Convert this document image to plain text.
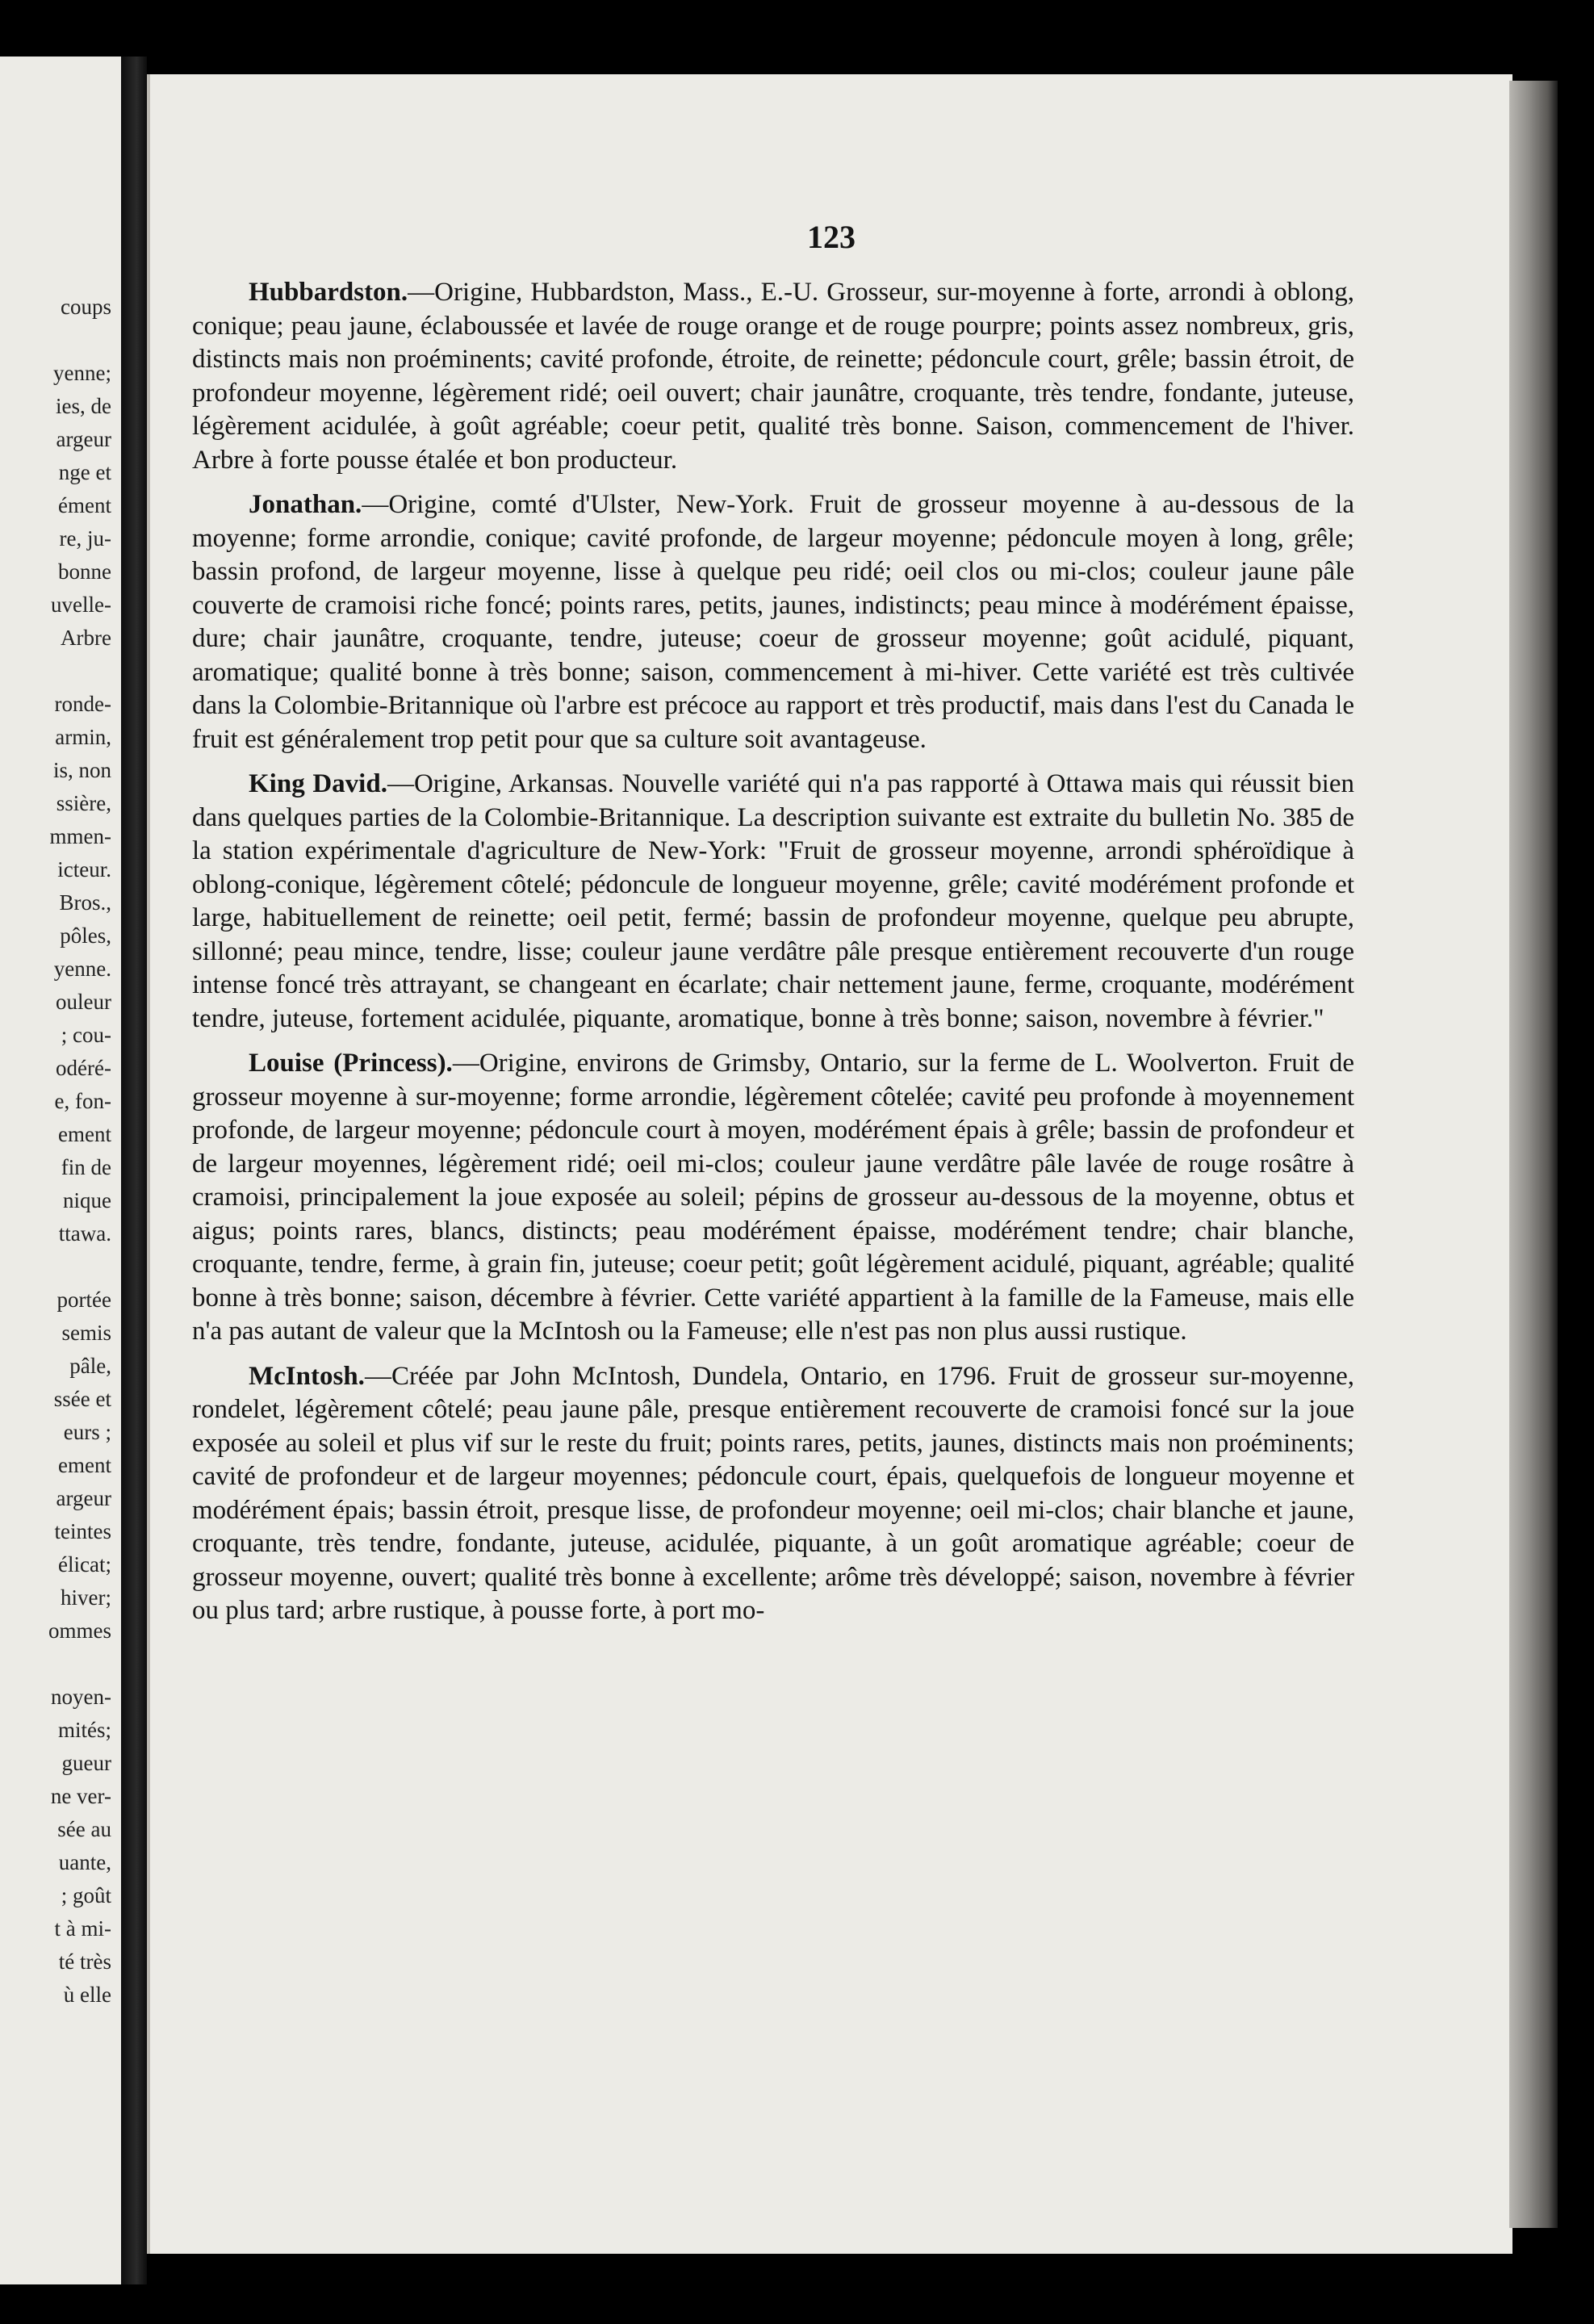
coups

yenne;
ies, de
argeur
nge et
ément
re, ju-
bonne
uvelle-
Arbre

ronde-
armin,
is, non
ssière,
mmen-
icteur.
Bros.,
pôles,
yenne.
ouleur
; cou-
odéré-
e, fon-
ement
fin de
nique
ttawa.

portée
semis
pâle,
ssée et
eurs ;
ement
argeur
teintes
élicat;
hiver;
ommes

noyen-
mités;
gueur
ne ver-
sée au
uante,
; goût
t à mi-
té très
ù elle
123

Hubbardston.—Origine, Hubbardston, Mass., E.-U. Grosseur, sur-moyenne à forte, arrondi à oblong, conique; peau jaune, éclaboussée et lavée de rouge orange et de rouge pourpre; points assez nombreux, gris, distincts mais non proéminents; cavité profonde, étroite, de reinette; pédoncule court, grêle; bassin étroit, de profondeur moyenne, légèrement ridé; oeil ouvert; chair jaunâtre, croquante, très tendre, fondante, juteuse, légèrement acidulée, à goût agréable; coeur petit, qualité très bonne. Saison, commencement de l'hiver. Arbre à forte pousse étalée et bon producteur.

Jonathan.—Origine, comté d'Ulster, New-York. Fruit de grosseur moyenne à au-dessous de la moyenne; forme arrondie, conique; cavité profonde, de largeur moyenne; pédoncule moyen à long, grêle; bassin profond, de largeur moyenne, lisse à quelque peu ridé; oeil clos ou mi-clos; couleur jaune pâle couverte de cramoisi riche foncé; points rares, petits, jaunes, indistincts; peau mince à modérément épaisse, dure; chair jaunâtre, croquante, tendre, juteuse; coeur de grosseur moyenne; goût acidulé, piquant, aromatique; qualité bonne à très bonne; saison, commencement à mi-hiver. Cette variété est très cultivée dans la Colombie-Britannique où l'arbre est précoce au rapport et très productif, mais dans l'est du Canada le fruit est généralement trop petit pour que sa culture soit avantageuse.

King David.—Origine, Arkansas. Nouvelle variété qui n'a pas rapporté à Ottawa mais qui réussit bien dans quelques parties de la Colombie-Britannique. La description suivante est extraite du bulletin No. 385 de la station expérimentale d'agriculture de New-York: "Fruit de grosseur moyenne, arrondi sphéroïdique à oblong-conique, légèrement côtelé; pédoncule de longueur moyenne, grêle; cavité modérément profonde et large, habituellement de reinette; oeil petit, fermé; bassin de profondeur moyenne, quelque peu abrupte, sillonné; peau mince, tendre, lisse; couleur jaune verdâtre pâle presque entièrement recouverte d'un rouge intense foncé très attrayant, se changeant en écarlate; chair nettement jaune, ferme, croquante, modérément tendre, juteuse, fortement acidulée, piquante, aromatique, bonne à très bonne; saison, novembre à février."

Louise (Princess).—Origine, environs de Grimsby, Ontario, sur la ferme de L. Woolverton. Fruit de grosseur moyenne à sur-moyenne; forme arrondie, légèrement côtelée; cavité peu profonde à moyennement profonde, de largeur moyenne; pédoncule court à moyen, modérément épais à grêle; bassin de profondeur et de largeur moyennes, légèrement ridé; oeil mi-clos; couleur jaune verdâtre pâle lavée de rouge rosâtre à cramoisi, principalement la joue exposée au soleil; pépins de grosseur au-dessous de la moyenne, obtus et aigus; points rares, blancs, distincts; peau modérément épaisse, modérément tendre; chair blanche, croquante, tendre, ferme, à grain fin, juteuse; coeur petit; goût légèrement acidulé, piquant, agréable; qualité bonne à très bonne; saison, décembre à février. Cette variété appartient à la famille de la Fameuse, mais elle n'a pas autant de valeur que la McIntosh ou la Fameuse; elle n'est pas non plus aussi rustique.

McIntosh.—Créée par John McIntosh, Dundela, Ontario, en 1796. Fruit de grosseur sur-moyenne, rondelet, légèrement côtelé; peau jaune pâle, presque entièrement recouverte de cramoisi foncé sur la joue exposée au soleil et plus vif sur le reste du fruit; points rares, petits, jaunes, distincts mais non proéminents; cavité de profondeur et de largeur moyennes; pédoncule court, épais, quelquefois de longueur moyenne et modérément épais; bassin étroit, presque lisse, de profondeur moyenne; oeil mi-clos; chair blanche et jaune, croquante, très tendre, fondante, juteuse, acidulée, piquante, à un goût aromatique agréable; coeur de grosseur moyenne, ouvert; qualité très bonne à excellente; arôme très développé; saison, novembre à février ou plus tard; arbre rustique, à pousse forte, à port mo-
